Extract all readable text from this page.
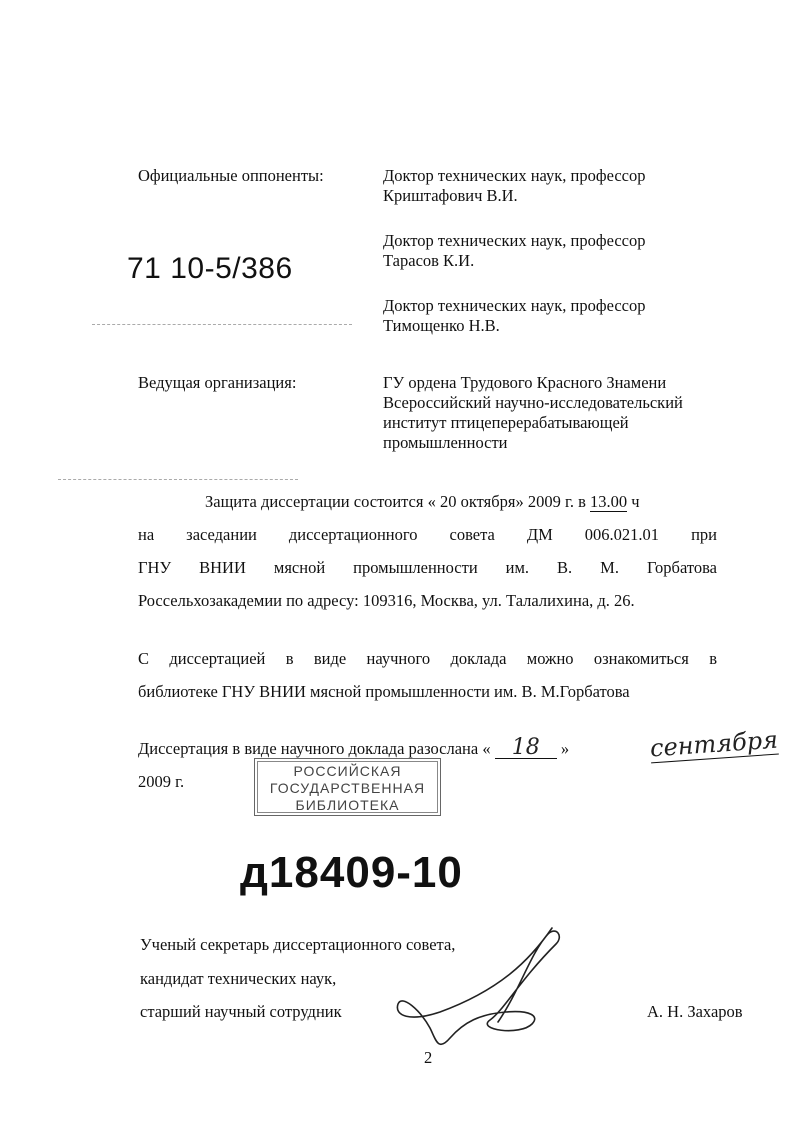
Официальные оппоненты:	Доктор технических наук, профессор
Криштафович В.И.
Доктор технических наук, профессор
Тарасов К.И.
Доктор технических наук, профессор
Тимощенко Н.В.
71 10-5/386
Ведущая организация:	ГУ ордена Трудового Красного Знамени
Всероссийский научно-исследовательский
институт птицеперерабатывающей
промышленности
Защита диссертации состоится « 20 октября» 2009 г. в 13.00 ч
на заседании диссертационного совета ДМ 006.021.01 при
ГНУ ВНИИ мясной промышленности им. В. М. Горбатова
Россельхозакадемии по адресу: 109316, Москва, ул. Талалихина, д. 26.
С диссертацией в виде научного доклада можно ознакомиться в
библиотеке ГНУ ВНИИ мясной промышленности им. В. М.Горбатова
Диссертация в виде научного доклада разослана « 18 »	сентября
2009 г.
РОССИЙСКАЯ
ГОСУДАРСТВЕННАЯ
БИБЛИОТЕКА
д18409-10
Ученый секретарь диссертационного совета,
кандидат технических наук,
старший научный сотрудник	А. Н. Захаров
2
